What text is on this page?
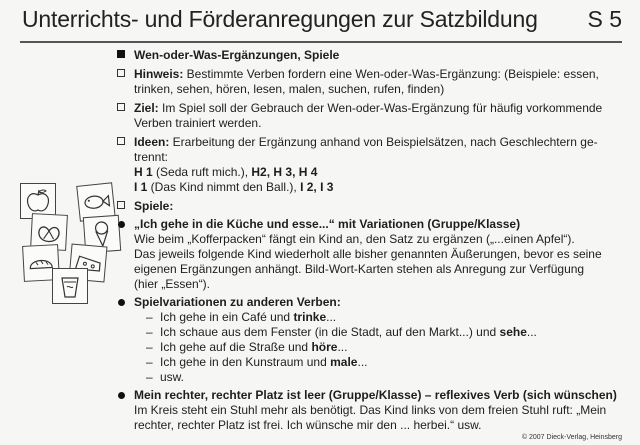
Unterrichts- und Förderanregungen zur Satzbildung S 5
Wen-oder-Was-Ergänzungen, Spiele
Hinweis: Bestimmte Verben fordern eine Wen-oder-Was-Ergänzung: (Beispiele: essen,
trinken, sehen, hören, lesen, malen, suchen, rufen, finden)
Ziel: Im Spiel soll der Gebrauch der Wen-oder-Was-Ergänzung für häufig vorkommende
Verben trainiert werden.
Ideen: Erarbeitung der Ergänzung anhand von Beispielsätzen, nach Geschlechtern ge-
trennt:
H 1 (Seda ruft mich.), H2, H 3, H 4
I 1 (Das Kind nimmt den Ball.), I 2, I 3
Spiele:
„Ich gehe in die Küche und esse...“ mit Variationen (Gruppe/Klasse)
Wie beim „Kofferpacken“ fängt ein Kind an, den Satz zu ergänzen („...einen Apfel“).
Das jeweils folgende Kind wiederholt alle bisher genannten Äußerungen, bevor es seine
eigenen Ergänzungen anhängt. Bild-Wort-Karten stehen als Anregung zur Verfügung
(hier „Essen“).
Spielvariationen zu anderen Verben:
– Ich gehe in ein Café und trinke...
– Ich schaue aus dem Fenster (in die Stadt, auf den Markt...) und sehe...
– Ich gehe auf die Straße und höre...
– Ich gehe in den Kunstraum und male...
– usw.
Mein rechter, rechter Platz ist leer (Gruppe/Klasse) – reflexives Verb (sich wünschen)
Im Kreis steht ein Stuhl mehr als benötigt. Das Kind links von dem freien Stuhl ruft: „Mein
rechter, rechter Platz ist frei. Ich wünsche mir den ... herbei.“ usw.
© 2007 Dieck-Verlag, Heinsberg
